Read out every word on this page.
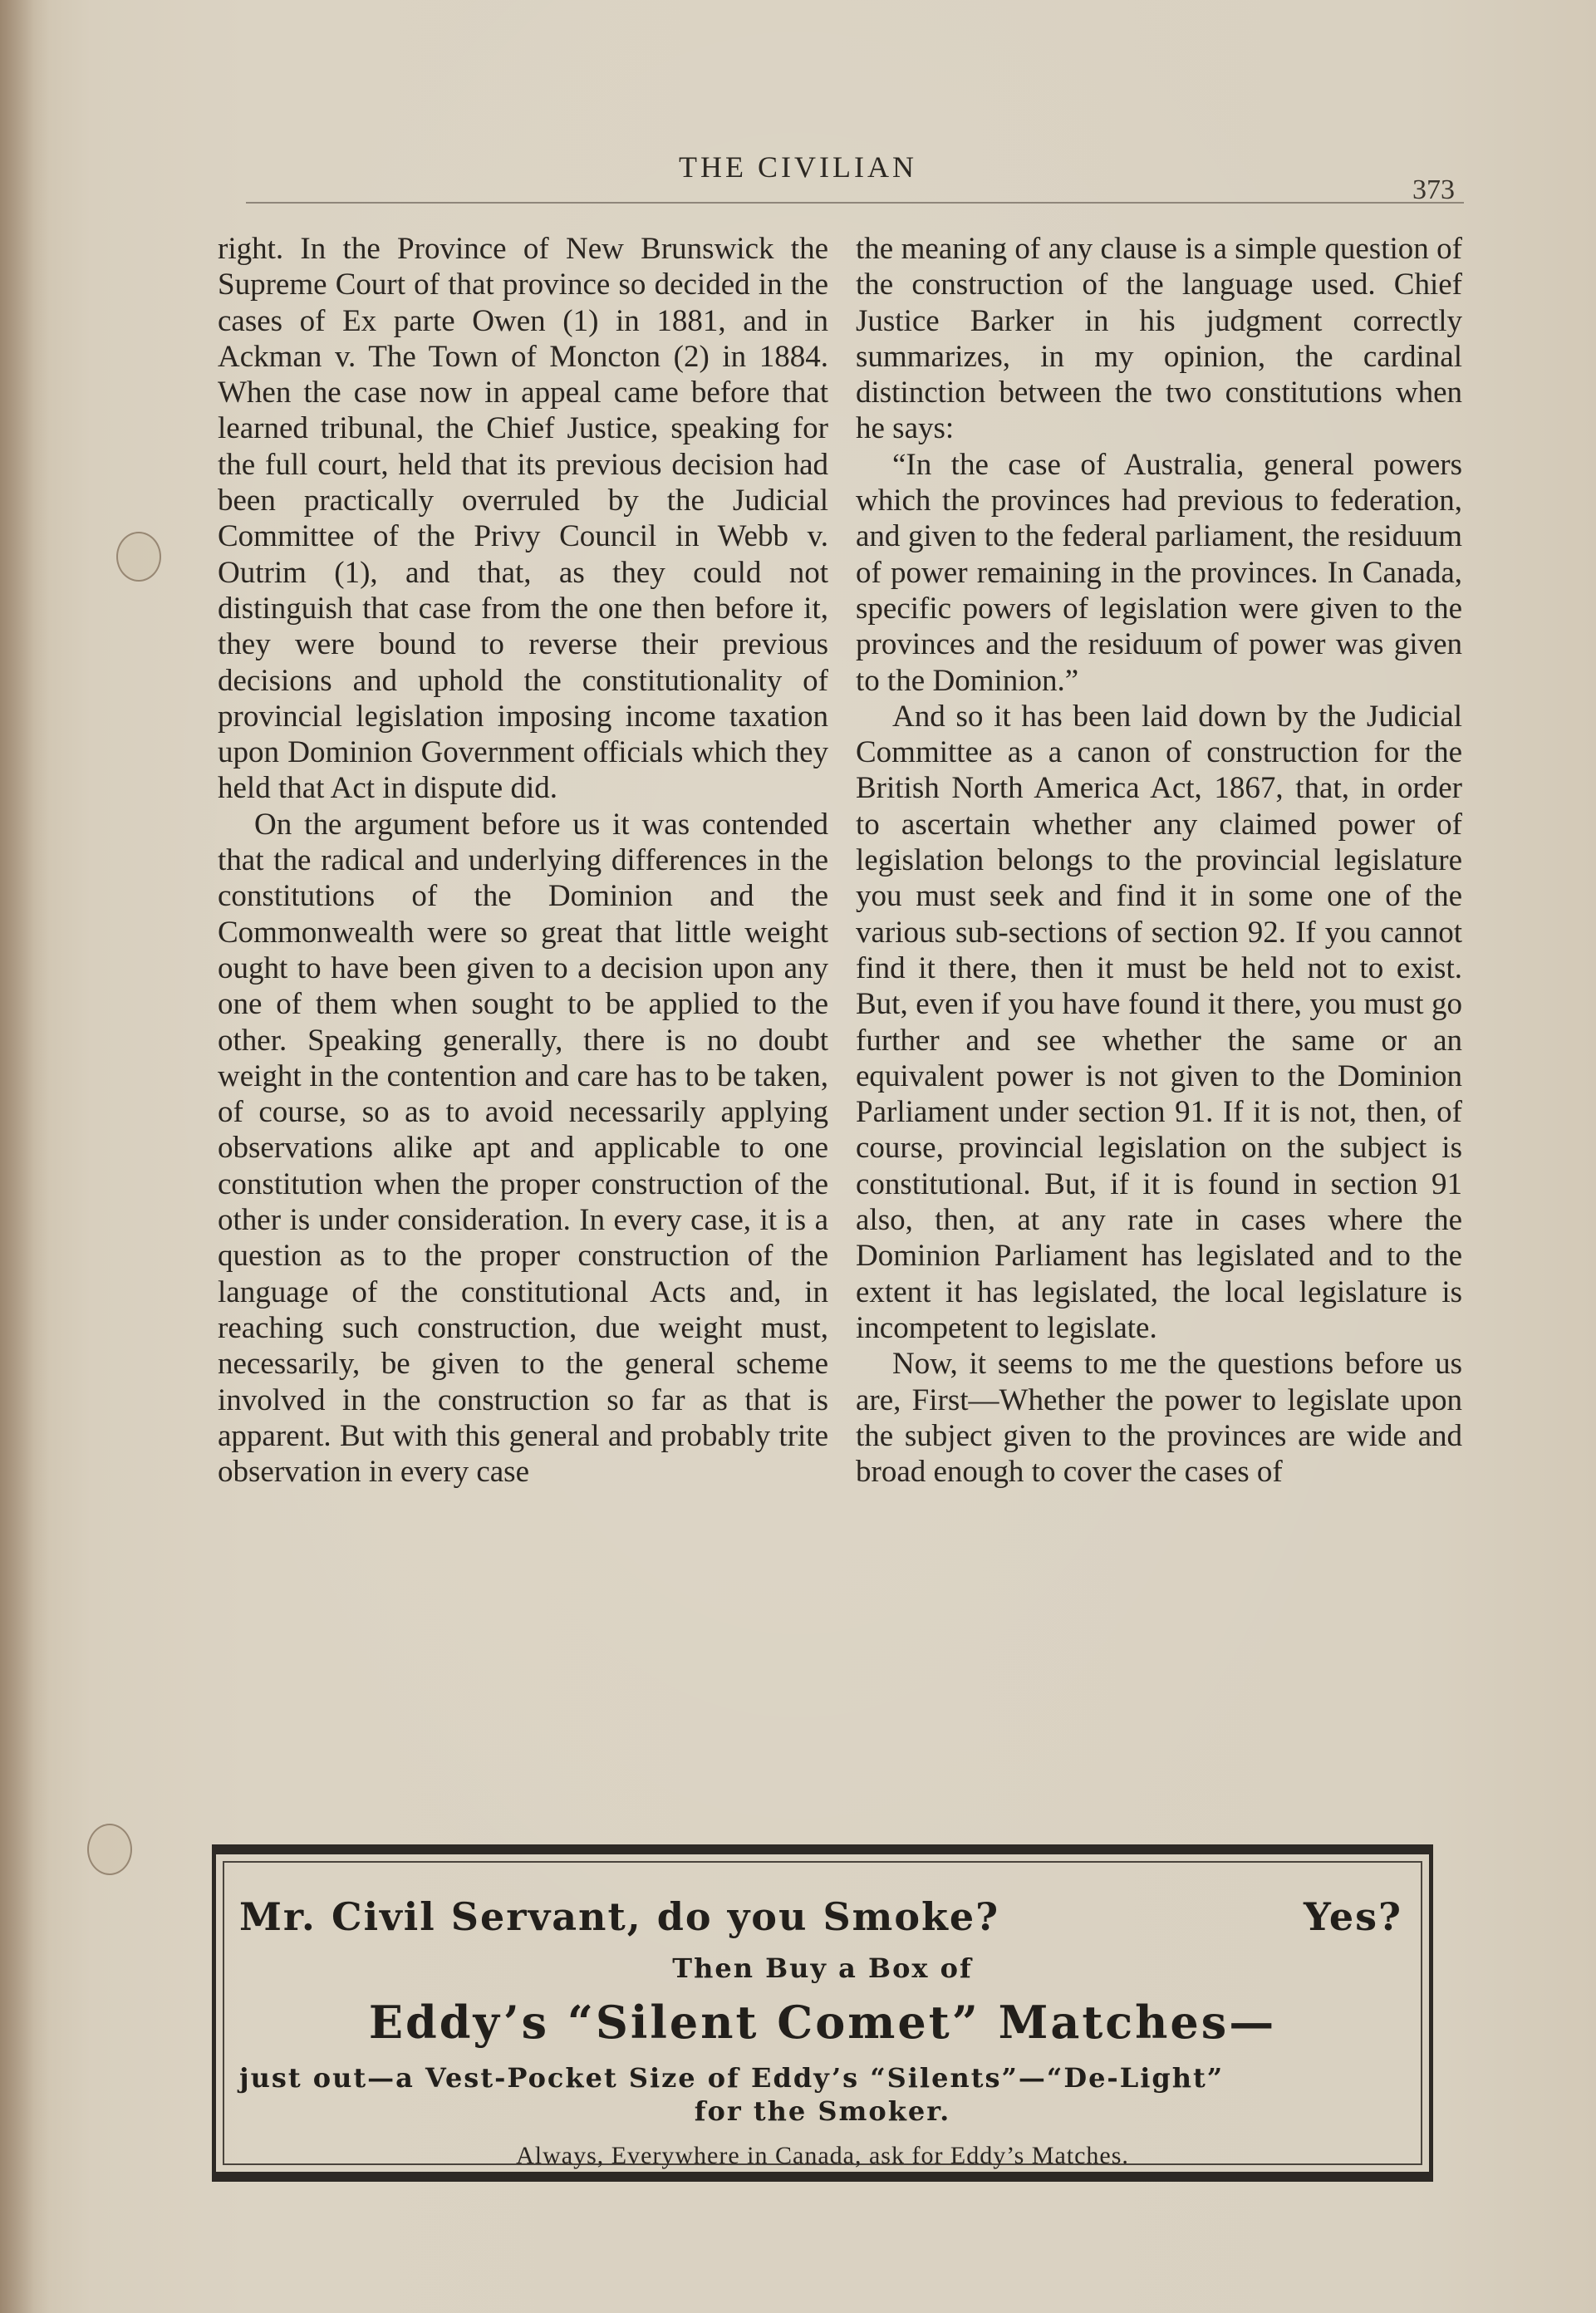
THE CIVILIAN
373

right. In the Province of New Brunswick the Supreme Court of that province so decided in the cases of Ex parte Owen (1) in 1881, and in Ackman v. The Town of Moncton (2) in 1884. When the case now in appeal came before that learned tribunal, the Chief Justice, speaking for the full court, held that its previous decision had been practically overruled by the Judicial Committee of the Privy Council in Webb v. Outrim (1), and that, as they could not distinguish that case from the one then before it, they were bound to reverse their previous decisions and uphold the constitutionality of provincial legislation imposing income taxation upon Dominion Government officials which they held that Act in dispute did.

On the argument before us it was contended that the radical and underlying differences in the constitutions of the Dominion and the Commonwealth were so great that little weight ought to have been given to a decision upon any one of them when sought to be applied to the other. Speaking generally, there is no doubt weight in the contention and care has to be taken, of course, so as to avoid necessarily applying observations alike apt and applicable to one constitution when the proper construction of the other is under consideration. In every case, it is a question as to the proper construction of the language of the constitutional Acts and, in reaching such construction, due weight must, necessarily, be given to the general scheme involved in the construction so far as that is apparent. But with this general and probably trite observation in every case

the meaning of any clause is a simple question of the construction of the language used. Chief Justice Barker in his judgment correctly summarizes, in my opinion, the cardinal distinction between the two constitutions when he says:

“In the case of Australia, general powers which the provinces had previous to federation, and given to the federal parliament, the residuum of power remaining in the provinces. In Canada, specific powers of legislation were given to the provinces and the residuum of power was given to the Dominion.”

And so it has been laid down by the Judicial Committee as a canon of construction for the British North America Act, 1867, that, in order to ascertain whether any claimed power of legislation belongs to the provincial legislature you must seek and find it in some one of the various sub-sections of section 92. If you cannot find it there, then it must be held not to exist. But, even if you have found it there, you must go further and see whether the same or an equivalent power is not given to the Dominion Parliament under section 91. If it is not, then, of course, provincial legislation on the subject is constitutional. But, if it is found in section 91 also, then, at any rate in cases where the Dominion Parliament has legislated and to the extent it has legislated, the local legislature is incompetent to legislate.

Now, it seems to me the questions before us are, First—Whether the power to legislate upon the subject given to the provinces are wide and broad enough to cover the cases of

Mr. Civil Servant, do you Smoke?	Yes?
Then Buy a Box of
Eddy’s “Silent Comet” Matches—
just out—a Vest-Pocket Size of Eddy’s “Silents”—“De-Light”
for the Smoker.
Always, Everywhere in Canada, ask for Eddy’s Matches.
